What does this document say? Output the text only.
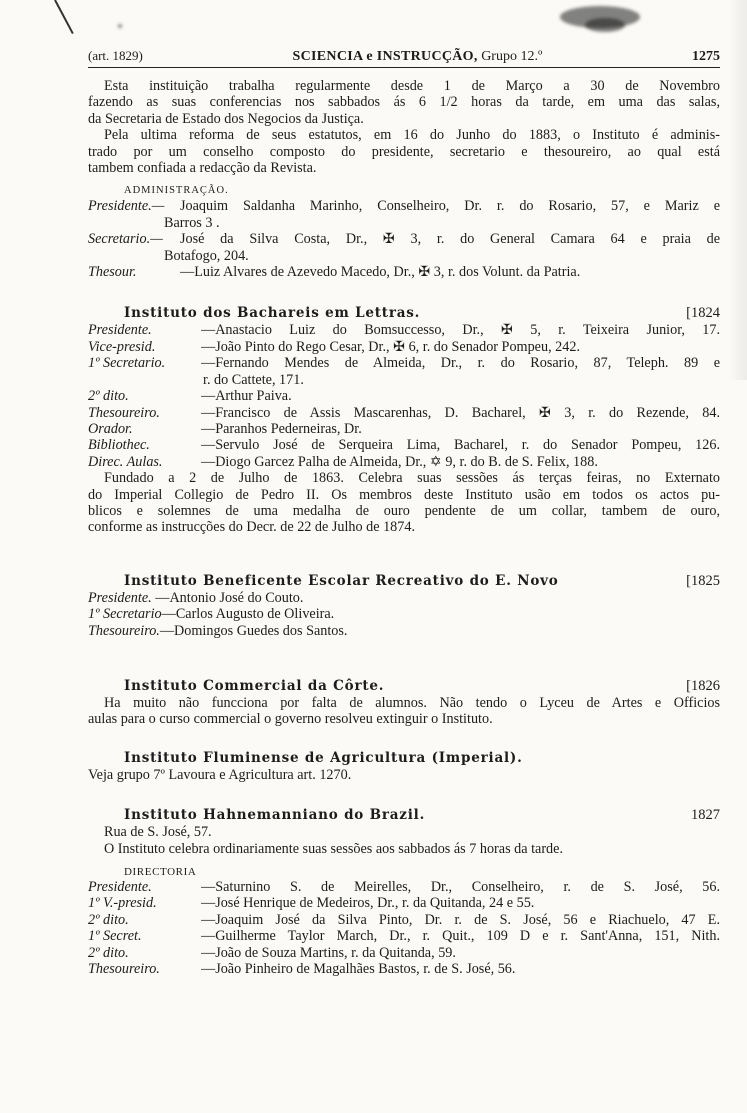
(art. 1829)	SCIENCIA e INSTRUCÇÃO, Grupo 12.º	1275
Esta instituição trabalha regularmente desde 1 de Março a 30 de Novembro
fazendo as suas conferencias nos sabbados ás 6 1/2 horas da tarde, em uma das salas,
da Secretaria de Estado dos Negocios da Justiça.
Pela ultima reforma de seus estatutos, em 16 do Junho do 1883, o Instituto é adminis-
trado por um conselho composto do presidente, secretario e thesoureiro, ao qual está
tambem confiada a redacção da Revista.
ADMINISTRAÇÃO.
Presidente.—	Joaquim Saldanha Marinho, Conselheiro, Dr. r. do Rosario, 57, e Mariz e
Barros 3 .
Secretario.—	José da Silva Costa, Dr., ✠ 3, r. do General Camara 64 e praia de
Botafogo, 204.
Thesour.	—Luiz Alvares de Azevedo Macedo, Dr., ✠ 3, r. dos Volunt. da Patria.
Instituto dos Bachareis em Lettras.	[1824
Presidente.	—Anastacio Luiz do Bomsuccesso, Dr., ✠ 5, r. Teixeira Junior, 17.
Vice-presid.	—João Pinto do Rego Cesar, Dr., ✠ 6, r. do Senador Pompeu, 242.
1º Secretario.	—Fernando Mendes de Almeida, Dr., r. do Rosario, 87, Teleph. 89 e
r. do Cattete, 171.
2º dito.	—Arthur Paiva.
Thesoureiro.	—Francisco de Assis Mascarenhas, D. Bacharel, ✠ 3, r. do Rezende, 84.
Orador.	—Paranhos Pederneiras, Dr.
Bibliothec.	—Servulo José de Serqueira Lima, Bacharel, r. do Senador Pompeu, 126.
Direc. Aulas.	—Diogo Garcez Palha de Almeida, Dr., ✡ 9, r. do B. de S. Felix, 188.
Fundado a 2 de Julho de 1863. Celebra suas sessões ás terças feiras, no Externato
do Imperial Collegio de Pedro II. Os membros deste Instituto usão em todos os actos pu-
blicos e solemnes de uma medalha de ouro pendente de um collar, tambem de ouro,
conforme as instrucções do Decr. de 22 de Julho de 1874.
Instituto Beneficente Escolar Recreativo do E. Novo	[1825
Presidente. —Antonio José do Couto.
1º Secretario—Carlos Augusto de Oliveira.
Thesoureiro.—Domingos Guedes dos Santos.
Instituto Commercial da Côrte.	[1826
Ha muito não funcciona por falta de alumnos. Não tendo o Lyceu de Artes e Officios
aulas para o curso commercial o governo resolveu extinguir o Instituto.
Instituto Fluminense de Agricultura (Imperial).
Veja grupo 7º Lavoura e Agricultura art. 1270.
Instituto Hahnemanniano do Brazil.	1827
Rua de S. José, 57.
O Instituto celebra ordinariamente suas sessões aos sabbados ás 7 horas da tarde.
DIRECTORIA
Presidente.	—Saturnino S. de Meirelles, Dr., Conselheiro, r. de S. José, 56.
1º V.-presid.	—José Henrique de Medeiros, Dr., r. da Quitanda, 24 e 55.
2º dito.	—Joaquim José da Silva Pinto, Dr. r. de S. José, 56 e Riachuelo, 47 E.
1º Secret.	—Guilherme Taylor March, Dr., r. Quit., 109 D e r. Sant'Anna, 151, Nith.
2º dito.	—João de Souza Martins, r. da Quitanda, 59.
Thesoureiro.	—João Pinheiro de Magalhães Bastos, r. de S. José, 56.
